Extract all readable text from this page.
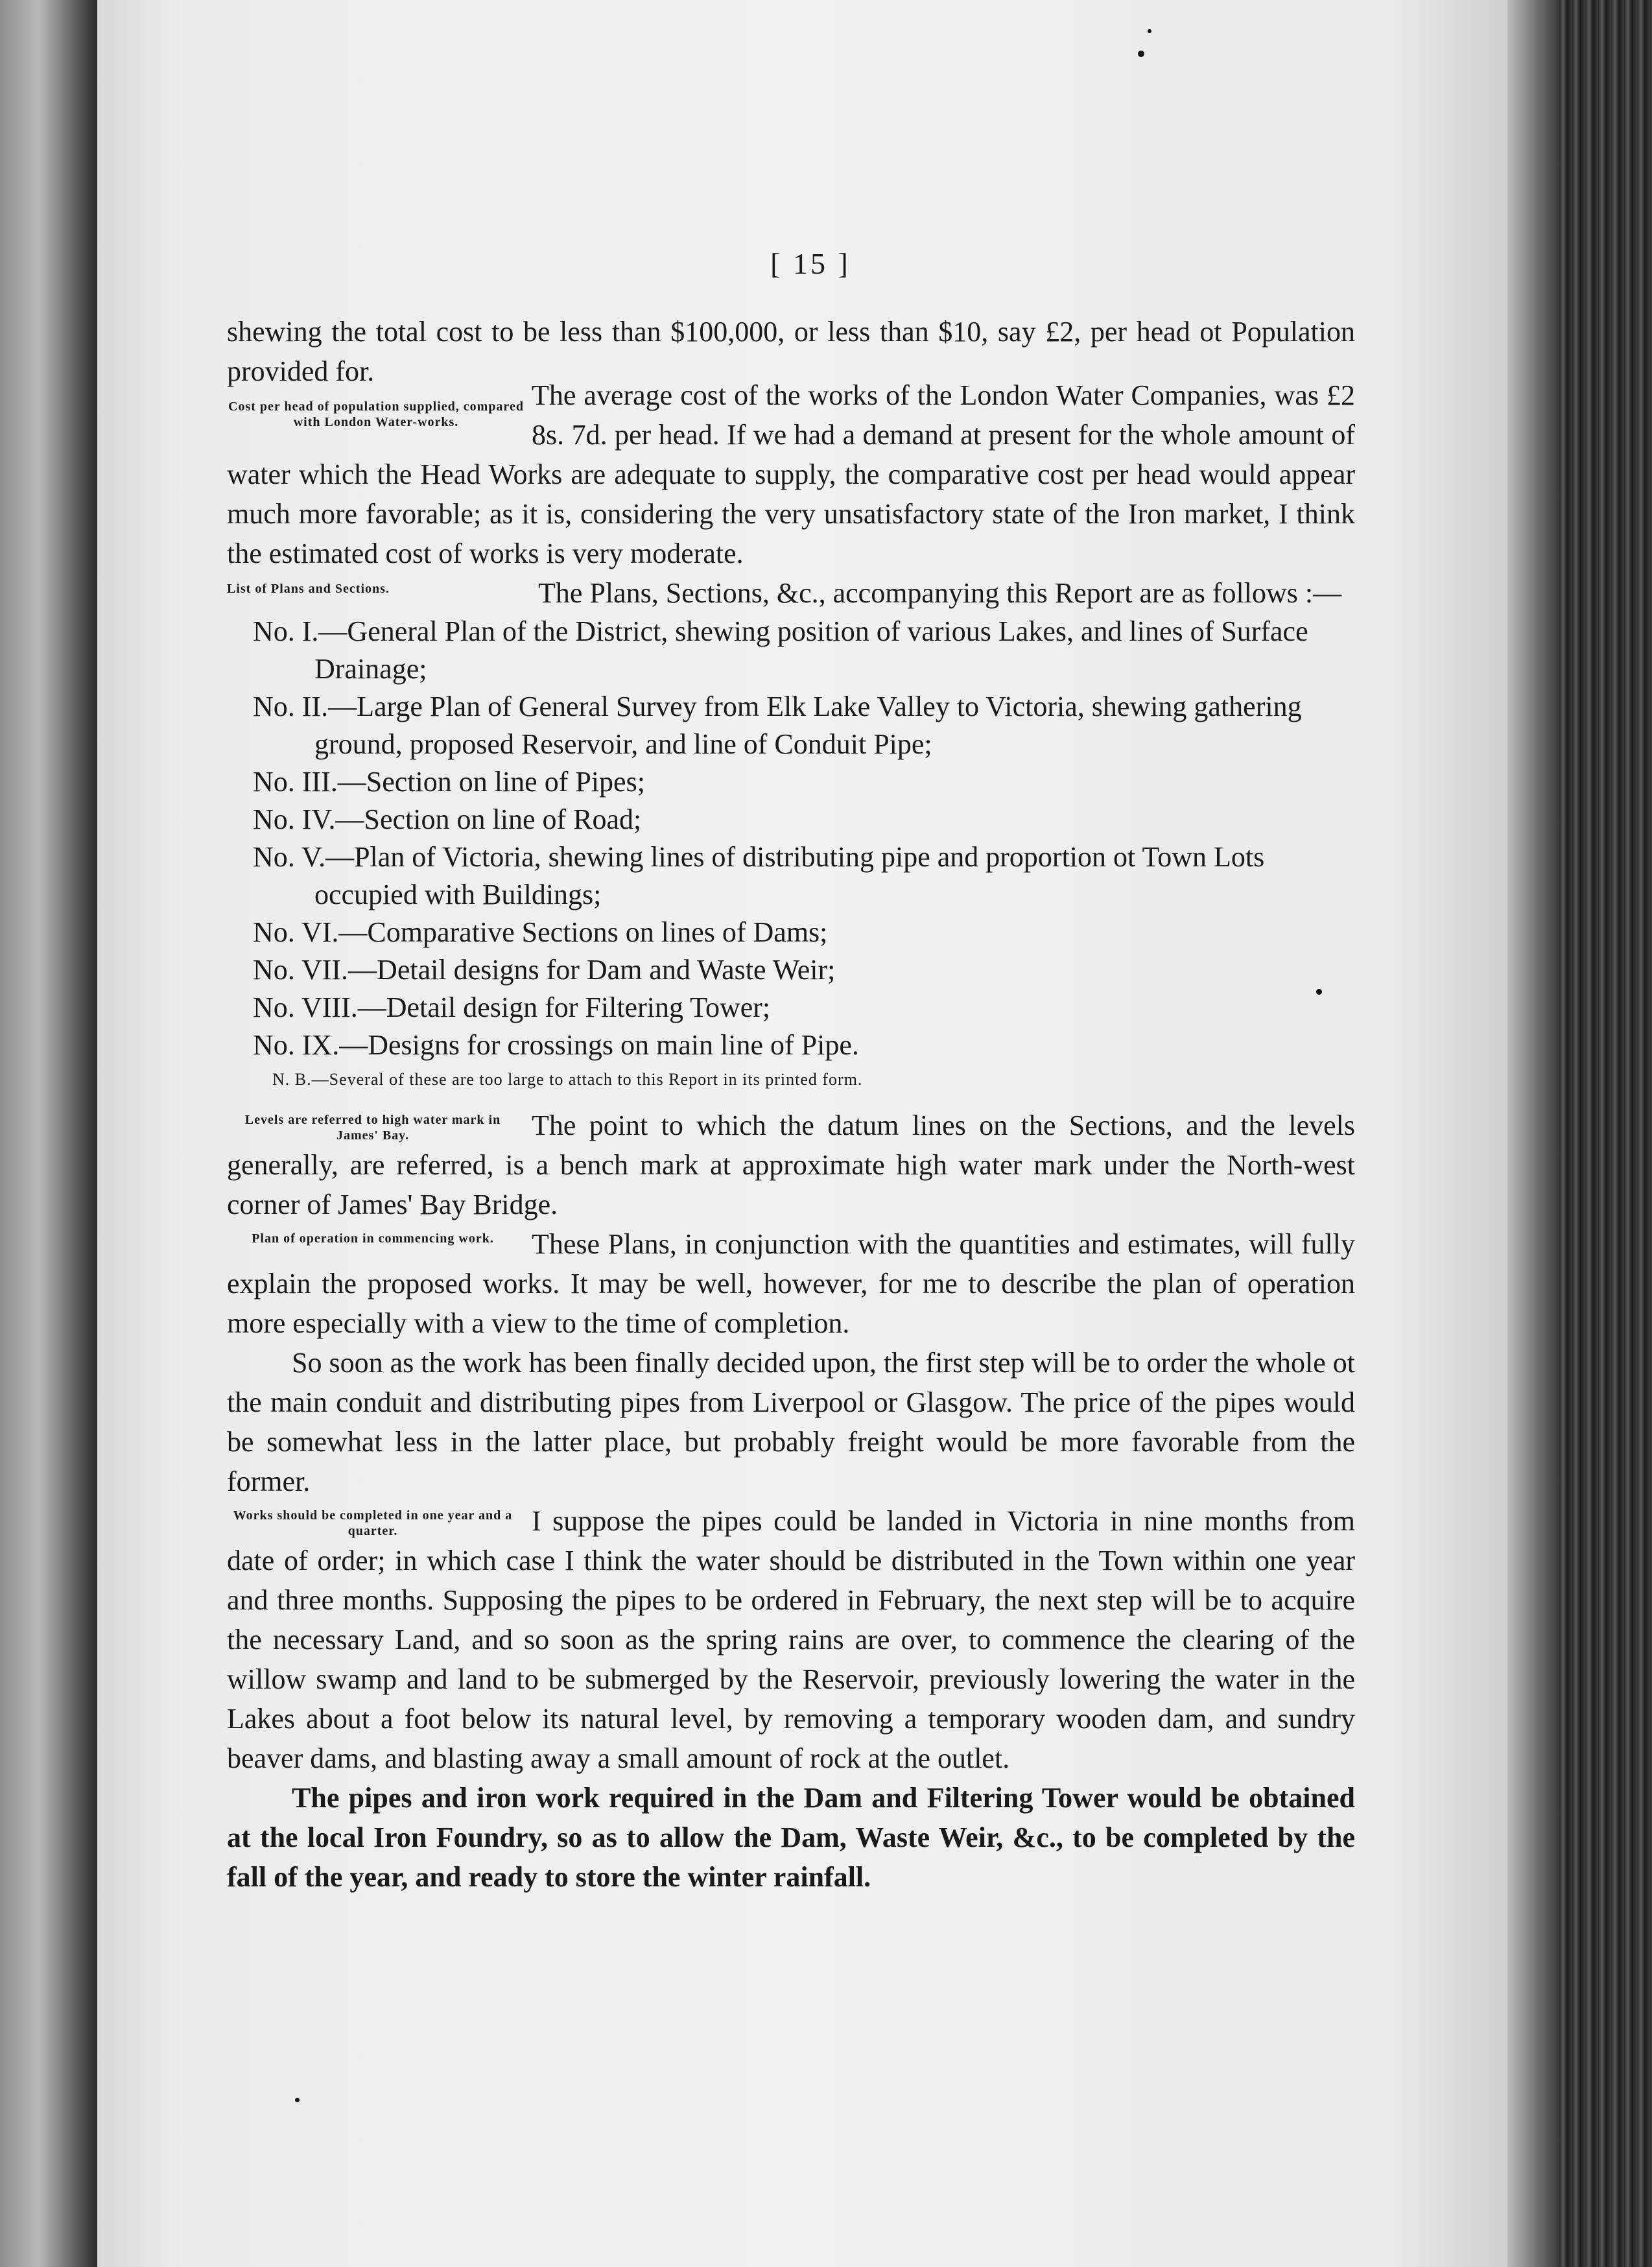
[ 15 ]

shewing the total cost to be less than $100,000, or less than $10, say £2, per head ot Population provided for.

Cost per head of population supplied, compared with London Water-works.

The average cost of the works of the London Water Companies, was £2 8s. 7d. per head. If we had a demand at present for the whole amount of water which the Head Works are adequate to supply, the comparative cost per head would appear much more favorable; as it is, considering the very unsatisfactory state of the Iron market, I think the estimated cost of works is very moderate.

List of Plans and Sections.	The Plans, Sections, &c., accompanying this Report are as follows :—

No. I.—General Plan of the District, shewing position of various Lakes, and lines of Surface Drainage;
No. II.—Large Plan of General Survey from Elk Lake Valley to Victoria, shewing gathering ground, proposed Reservoir, and line of Conduit Pipe;
No. III.—Section on line of Pipes;
No. IV.—Section on line of Road;
No. V.—Plan of Victoria, shewing lines of distributing pipe and proportion ot Town Lots occupied with Buildings;
No. VI.—Comparative Sections on lines of Dams;
No. VII.—Detail designs for Dam and Waste Weir;
No. VIII.—Detail design for Filtering Tower;
No. IX.—Designs for crossings on main line of Pipe.
N. B.—Several of these are too large to attach to this Report in its printed form.

Levels are referred to high water mark in James' Bay.	The point to which the datum lines on the Sections, and the levels generally, are referred, is a bench mark at approximate high water mark under the North-west corner of James' Bay Bridge.

Plan of operation in commencing work.	These Plans, in conjunction with the quantities and estimates, will fully explain the proposed works. It may be well, however, for me to describe the plan of operation more especially with a view to the time of completion.

So soon as the work has been finally decided upon, the first step will be to order the whole ot the main conduit and distributing pipes from Liverpool or Glasgow. The price of the pipes would be somewhat less in the latter place, but probably freight would be more favorable from the former.

Works should be completed in one year and a quarter.	I suppose the pipes could be landed in Victoria in nine months from date of order; in which case I think the water should be distributed in the Town within one year and three months. Supposing the pipes to be ordered in February, the next step will be to acquire the necessary Land, and so soon as the spring rains are over, to commence the clearing of the willow swamp and land to be submerged by the Reservoir, previously lowering the water in the Lakes about a foot below its natural level, by removing a temporary wooden dam, and sundry beaver dams, and blasting away a small amount of rock at the outlet.

The pipes and iron work required in the Dam and Filtering Tower would be obtained at the local Iron Foundry, so as to allow the Dam, Waste Weir, &c., to be completed by the fall of the year, and ready to store the winter rainfall.
